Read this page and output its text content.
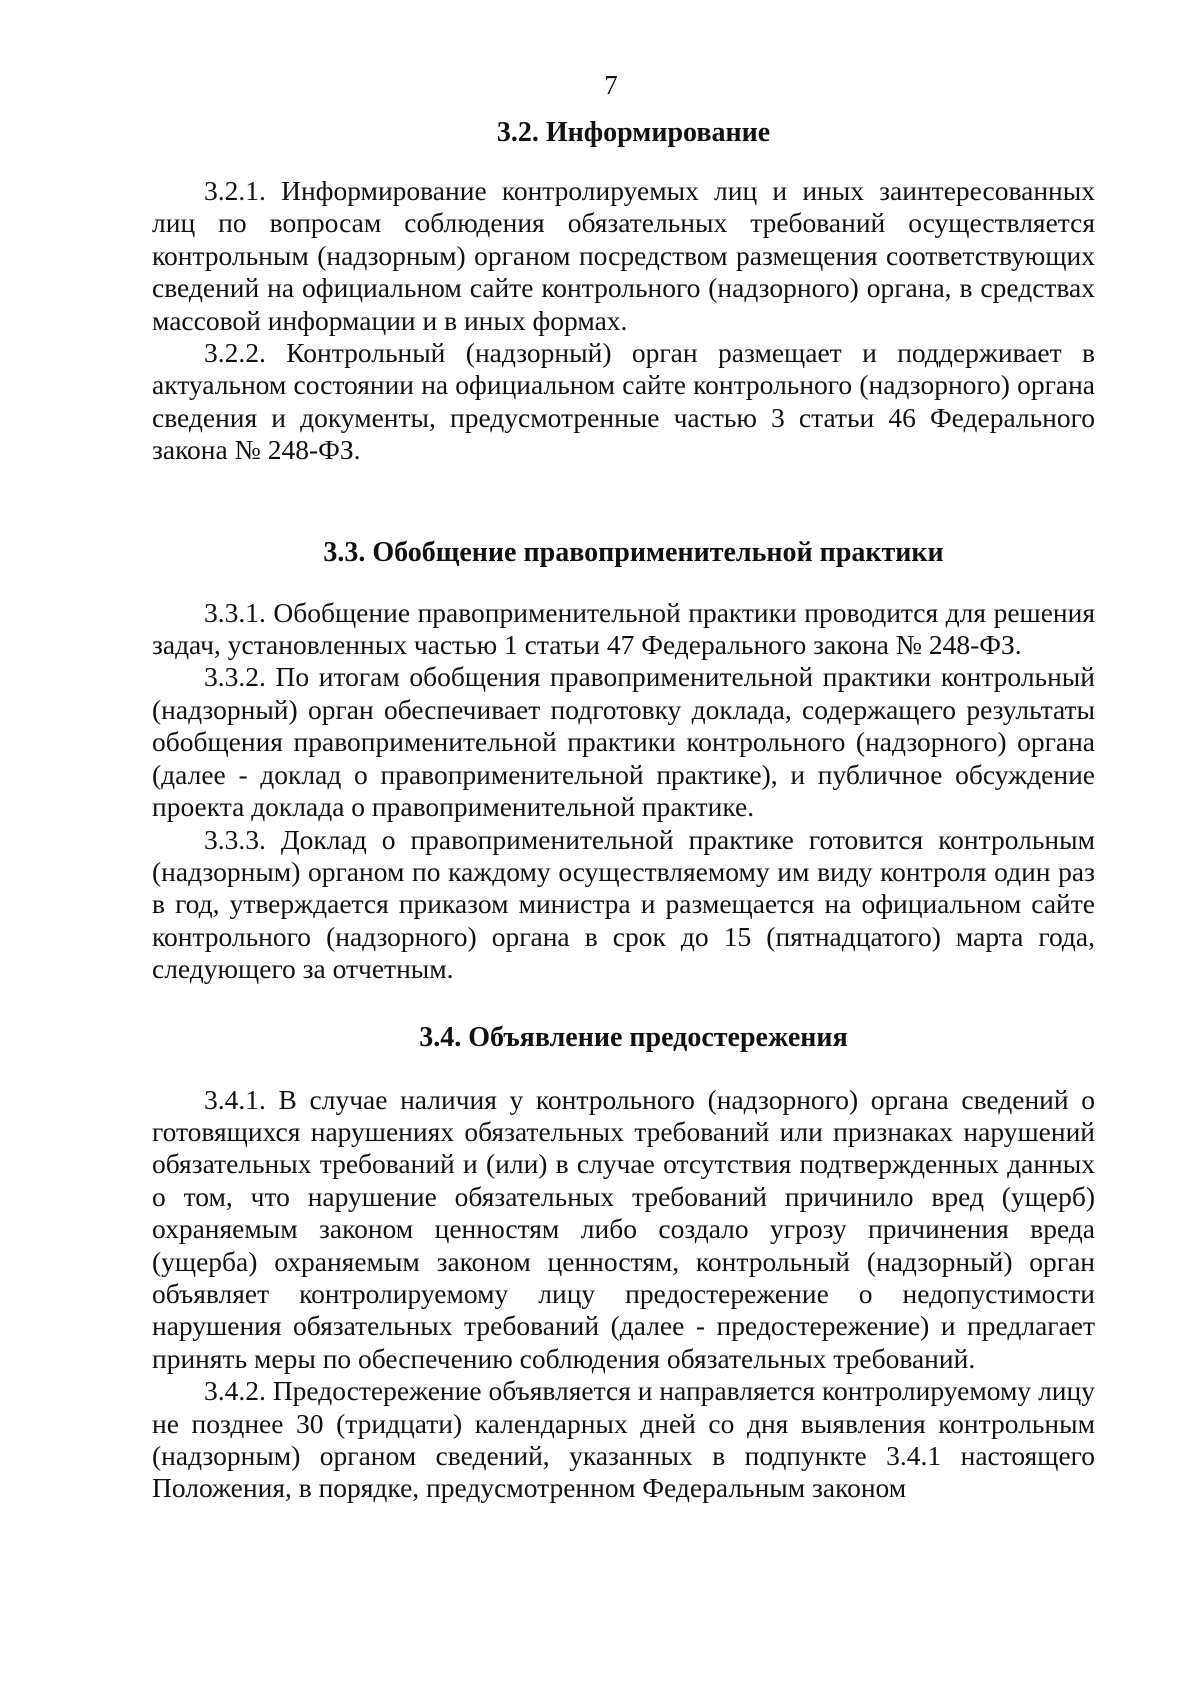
7
3.2. Информирование

3.2.1. Информирование контролируемых лиц и иных заинтересованных лиц по вопросам соблюдения обязательных требований осуществляется контрольным (надзорным) органом посредством размещения соответствующих сведений на официальном сайте контрольного (надзорного) органа, в средствах массовой информации и в иных формах.

3.2.2. Контрольный (надзорный) орган размещает и поддерживает в актуальном состоянии на официальном сайте контрольного (надзорного) органа сведения и документы, предусмотренные частью 3 статьи 46 Федерального закона № 248-ФЗ.

3.3. Обобщение правоприменительной практики

3.3.1. Обобщение правоприменительной практики проводится для решения задач, установленных частью 1 статьи 47 Федерального закона № 248-ФЗ.

3.3.2. По итогам обобщения правоприменительной практики контрольный (надзорный) орган обеспечивает подготовку доклада, содержащего результаты обобщения правоприменительной практики контрольного (надзорного) органа (далее - доклад о правоприменительной практике), и публичное обсуждение проекта доклада о правоприменительной практике.

3.3.3. Доклад о правоприменительной практике готовится контрольным (надзорным) органом по каждому осуществляемому им виду контроля один раз в год, утверждается приказом министра и размещается на официальном сайте контрольного (надзорного) органа в срок до 15 (пятнадцатого) марта года, следующего за отчетным.

3.4. Объявление предостережения

3.4.1. В случае наличия у контрольного (надзорного) органа сведений о готовящихся нарушениях обязательных требований или признаках нарушений обязательных требований и (или) в случае отсутствия подтвержденных данных о том, что нарушение обязательных требований причинило вред (ущерб) охраняемым законом ценностям либо создало угрозу причинения вреда (ущерба) охраняемым законом ценностям, контрольный (надзорный) орган объявляет контролируемому лицу предостережение о недопустимости нарушения обязательных требований (далее - предостережение) и предлагает принять меры по обеспечению соблюдения обязательных требований.

3.4.2. Предостережение объявляется и направляется контролируемому лицу не позднее 30 (тридцати) календарных дней со дня выявления контрольным (надзорным) органом сведений, указанных в подпункте 3.4.1 настоящего Положения, в порядке, предусмотренном Федеральным законом
